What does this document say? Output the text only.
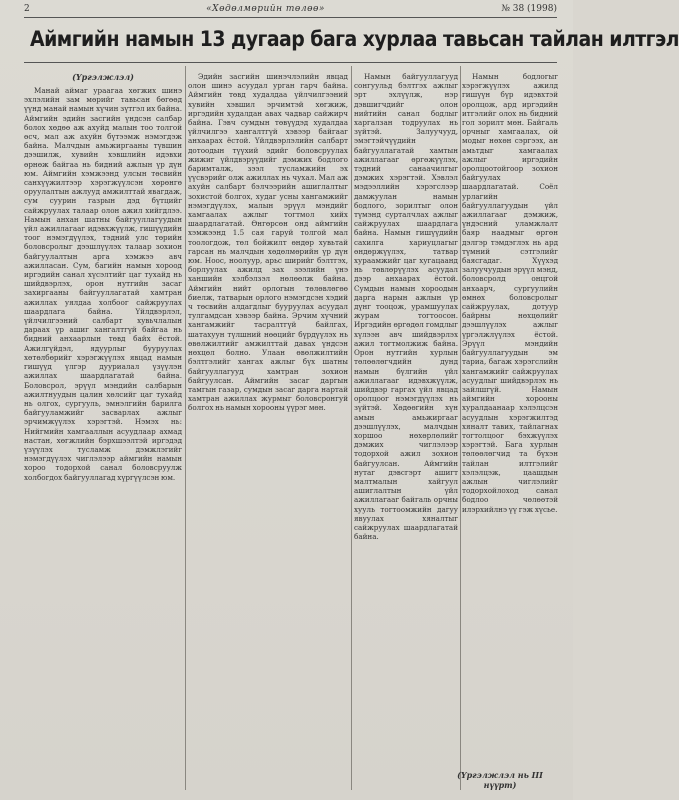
2	«Хөдөлмөрийн төлөө»	№ 38 (1998)
Аймгийн намын 13 дугаар бага хурлаа тавьсан тайлан илтгэл

(Үргэлжлэл)

Манай аймаг ураагаа хөгжих шинэ эхлэлийн зам мөрийг тавьсан бөгөөд үүнд манай намын хүчин зүтгэл их байна. Аймгийн эдийн засгийн үндсэн салбар болох хөдөө аж ахуйд малын тоо толгой өсч, мал аж ахуйн бүтээмж нэмэгдэж байна. Малчдын амьжиргааны түвшин дээшилж, хувийн хэвшлийн идэвхи өрнөж байгаа нь бидний ажлын үр дүн юм. Аймгийн хэмжээнд улсын төсвийн санхүүжилтээр хэрэгжүүлсэн хөрөнгө оруулалтын ажлууд амжилттай явагдаж, сум суурин газрын дэд бүтцийг сайжруулах талаар олон ажил хийгдлээ. Намын анхан шатны байгууллагуудын үйл ажиллагааг идэвхжүүлж, гишүүдийн тоог нэмэгдүүлэх, тэдний улс төрийн боловсролыг дээшлүүлэх талаар зохион байгуулалтын арга хэмжээ авч ажилласан. Сум, багийн намын хороод иргэдийн санал хүсэлтийг цаг тухайд нь шийдвэрлэх, орон нутгийн засаг захиргааны байгууллагатай хамтран ажиллах уялдаа холбоог сайжруулах шаардлага байна. Үйлдвэрлэл, үйлчилгээний салбарт хувьчлалын дараах үр ашиг хангалтгүй байгаа нь бидний анхаарлын төвд байх ёстой. Ажилгүйдэл, ядуурлыг бууруулах хөтөлбөрийг хэрэгжүүлэх явцад намын гишүүд үлгэр дууриалал үзүүлэн ажиллах шаардлагатай байна. Боловсрол, эрүүл мэндийн салбарын ажилтнуудын цалин хөлсийг цаг тухайд нь олгох, сургууль, эмнэлгийн барилга байгууламжийг засварлах ажлыг эрчимжүүлэх хэрэгтэй. Нэмэх нь: Нийгмийн хамгааллын асуудлаар ахмад настан, хөгжлийн бэрхшээлтэй иргэдэд үзүүлэх тусламж дэмжлэгийг нэмэгдүүлэх чиглэлээр аймгийн намын хороо тодорхой санал боловсруулж холбогдох байгууллагад хүргүүлсэн юм.

Эдийн засгийн шинэчлэлийн явцад олон шинэ асуудал урган гарч байна. Аймгийн төвд худалдаа үйлчилгээний хувийн хэвшил эрчимтэй хөгжиж, иргэдийн худалдан авах чадвар сайжирч байна. Гэвч сумдын төвүүдэд худалдаа үйлчилгээ хангалтгүй хэвээр байгааг анхаарах ёстой. Үйлдвэрлэлийн салбарт дотоодын түүхий эдийг боловсруулах жижиг үйлдвэрүүдийг дэмжих бодлого баримталж, зээл тусламжийн эх үүсвэрийг олж ажиллах нь чухал. Мал аж ахуйн салбарт бэлчээрийн ашиглалтыг зохистой болгох, худаг усны хангамжийг нэмэгдүүлэх, малын эрүүл мэндийг хамгаалах ажлыг тогтмол хийх шаардлагатай. Өнгөрсөн онд аймгийн хэмжээнд 1.5 сая гаруй толгой мал тоологдож, төл бойжилт өндөр хувьтай гарсан нь малчдын хөдөлмөрийн үр дүн юм. Ноос, ноолуур, арьс ширийг бэлтгэх, борлуулах ажилд зах зээлийн үнэ ханшийн хэлбэлзэл нөлөөлж байна. Аймгийн нийт орлогын төлөвлөгөө биелж, татварын орлого нэмэгдсэн хэдий ч төсвийн алдагдлыг бууруулах асуудал тулгамдсан хэвээр байна. Эрчим хүчний хангамжийг тасралтгүй байлгах, шатахуун түлшний нөөцийг бүрдүүлэх нь өвөлжилтийг амжилттай давах үндсэн нөхцөл болно. Улаан өвөлжилтийн бэлтгэлийг хангах ажлыг бүх шатны байгууллагууд хамтран зохион байгуулсан. Аймгийн засаг даргын тамгын газар, сумдын засаг дарга нартай хамтран ажиллах журмыг боловсронгуй болгох нь намын хорооны үүрэг мөн.

Намын байгууллагууд сонгуульд бэлтгэх ажлыг эрт эхлүүлж, нэр дэвшигчдийг олон нийтийн санал бодлыг харгалзан тодруулах нь зүйтэй. Залуучууд, эмэгтэйчүүдийн байгууллагатай хамтын ажиллагааг өргөжүүлэх, тэдний санаачилгыг дэмжих хэрэгтэй. Хэвлэл мэдээллийн хэрэгслээр дамжуулан намын бодлого, зорилтыг олон түмэнд сурталчлах ажлыг сайжруулах шаардлага байна. Намын гишүүдийн сахилга хариуцлагыг өндөржүүлэх, татвар хураамжийг цаг хугацаанд нь төвлөрүүлэх асуудал дээр анхаарах ёстой. Сумдын намын хороодын дарга нарын ажлын үр дүнг тооцож, урамшуулах журам тогтоосон. Иргэдийн өргөдөл гомдлыг хүлээн авч шийдвэрлэх ажил тогтмолжиж байна. Орон нутгийн хурлын төлөөлөгчдийн дунд намын бүлгийн үйл ажиллагааг идэвхжүүлж, шийдвэр гаргах үйл явцад оролцоог нэмэгдүүлэх нь зүйтэй. Хөдөөгийн хүн амын амьжиргааг дээшлүүлэх, малчдын хоршоо нөхөрлөлийг дэмжих чиглэлээр тодорхой ажил зохион байгуулсан. Аймгийн нутаг дэвсгэрт ашигт малтмалын хайгуул ашиглалтын үйл ажиллагааг байгаль орчны хууль тогтоомжийн дагуу явуулах хяналтыг сайжруулах шаардлагатай байна.

Намын бодлогыг хэрэгжүүлэх ажилд гишүүн бүр идэвхтэй оролцож, ард иргэдийн итгэлийг олох нь бидний гол зорилт мөн. Байгаль орчныг хамгаалах, ой модыг нөхөн сэргээх, ан амьтдыг хамгаалах ажлыг иргэдийн оролцоотойгоор зохион байгуулах шаардлагатай. Соёл урлагийн байгууллагуудын үйл ажиллагааг дэмжиж, үндэсний уламжлалт баяр наадмыг өргөн дэлгэр тэмдэглэх нь ард түмний сэтгэлийг баясгадаг. Хүүхэд залуучуудын эрүүл мэнд, боловсролд онцгой анхаарч, сургуулийн өмнөх боловсролыг сайжруулах, дотуур байрны нөхцөлийг дээшлүүлэх ажлыг үргэлжлүүлэх ёстой. Эрүүл мэндийн байгууллагуудын эм тариа, багаж хэрэгслийн хангамжийг сайжруулах асуудлыг шийдвэрлэх нь зайлшгүй. Намын аймгийн хорооны хуралдаанаар хэлэлцсэн асуудлын хэрэгжилтэд хяналт тавих, тайлагнах тогтолцоог бэхжүүлэх хэрэгтэй. Бага хурлын төлөөлөгчид та бүхэн тайлан илтгэлийг хэлэлцэж, цаашдын ажлын чиглэлийг тодорхойлоход санал бодлоо чөлөөтэй илэрхийлнэ үү гэж хүсье.

(Үргэлжлэл нь III нүүрт)
